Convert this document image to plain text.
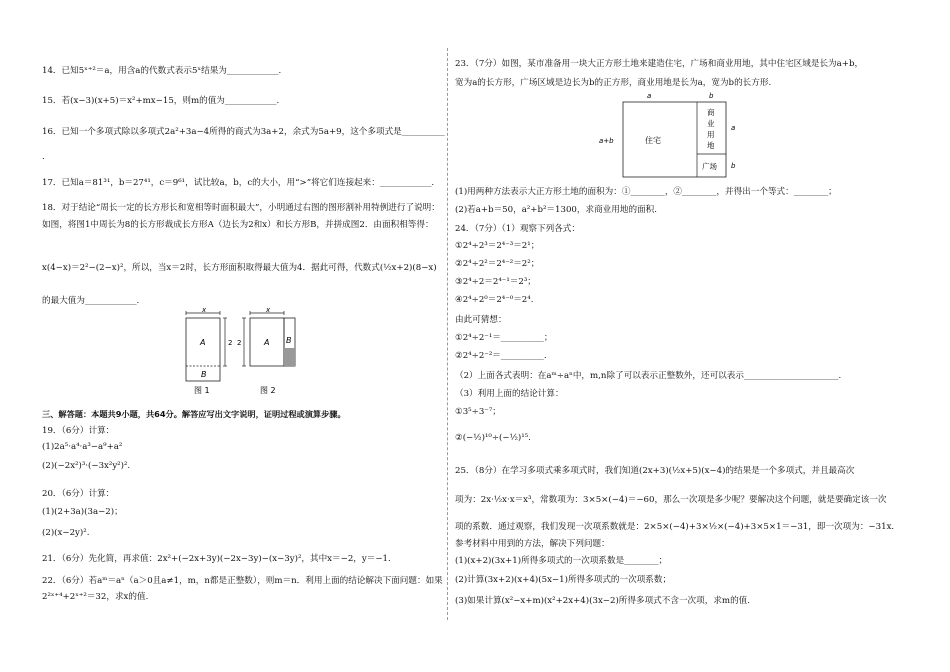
14．已知5ˣ⁺²＝a，用含a的代数式表示5ˣ结果为____________.
15．若(x−3)(x+5)＝x²+mx−15，则m的值为____________.
16．已知一个多项式除以多项式2a²+3a−4所得的商式为3a+2，余式为5a+9，这个多项式是__________
.
17．已知a＝81³¹，b＝27⁴¹，c＝9⁶¹，试比较a，b，c的大小，用“>”将它们连接起来：____________.
18．对于结论“周长一定的长方形长和宽相等时面积最大”，小明通过右图的图形割补用特例进行了说明：
如图，将图1中周长为8的长方形裁成长方形A（边长为2和x）和长方形B，并拼成图2．由面积相等得：
x(4−x)＝2²−(2−x)²，所以，当x＝2时，长方形面积取得最大值为4．据此可得，代数式(½x+2)(8−x)
的最大值为____________.
三、解答题：本题共9小题，共64分。解答应写出文字说明，证明过程或演算步骤。
19．（6分）计算：
(1)2a⁵·a⁴·a³−a⁹+a²
(2)(−2x²)³·(−3x²y²)².
20．（6分）计算：
(1)(2+3a)(3a−2)；
(2)(x−2y)².
21．（6分）先化简，再求值：2x²+(−2x+3y)(−2x−3y)−(x−3y)²，其中x＝−2，y＝−1.
22．（6分）若aᵐ＝aⁿ（a＞0且a≠1，m，n都是正整数），则m＝n．利用上面的结论解决下面问题：如果
2²ˣ⁺⁴+2ˣ⁺²＝32，求x的值.
x
A
B
2
图 1
x
2	A B
图 2
23．（7分）如图，某市准备用一块大正方形土地来建造住宅，广场和商业用地，其中住宅区域是长为a+b，
宽为a的长方形，广场区域是边长为b的正方形，商业用地是长为a，宽为b的长方形.
(1)用两种方法表示大正方形土地的面积为：①________，②________，并得出一个等式：________；
(2)若a+b＝50，a²+b²＝1300，求商业用地的面积.
24．（7分）（1）观察下列各式：
①2⁴÷2³＝2⁴⁻³＝2¹；
②2⁴÷2²＝2⁴⁻²＝2²；
③2⁴÷2＝2⁴⁻¹＝2³；
④2⁴÷2⁰＝2⁴⁻⁰＝2⁴.
由此可猜想：
①2⁴÷2⁻¹＝__________；
②2⁴÷2⁻²＝__________.
（2）上面各式表明：在aᵐ÷aⁿ中，m,n除了可以表示正整数外，还可以表示______________________.
（3）利用上面的结论计算：
①3⁵÷3⁻⁷；
②(−½)¹⁰÷(−½)¹⁵.
25．（8分）在学习多项式乘多项式时，我们知道(2x+3)(½x+5)(x−4)的结果是一个多项式，并且最高次
项为：2x·½x·x＝x³，常数项为：3×5×(−4)＝−60，那么一次项是多少呢？要解决这个问题，就是要确定该一次
项的系数．通过观察，我们发现一次项系数就是：2×5×(−4)+3×½×(−4)+3×5×1＝−31，即一次项为：−31x.
参考材料中用到的方法，解决下列问题：
(1)(x+2)(3x+1)所得多项式的一次项系数是________；
(2)计算(3x+2)(x+4)(5x−1)所得多项式的一次项系数；
(3)如果计算(x²−x+m)(x²+2x+4)(3x−2)所得多项式不含一次项，求m的值.
a	b
a+b	住宅
商
业
用
地
广场
a
b
